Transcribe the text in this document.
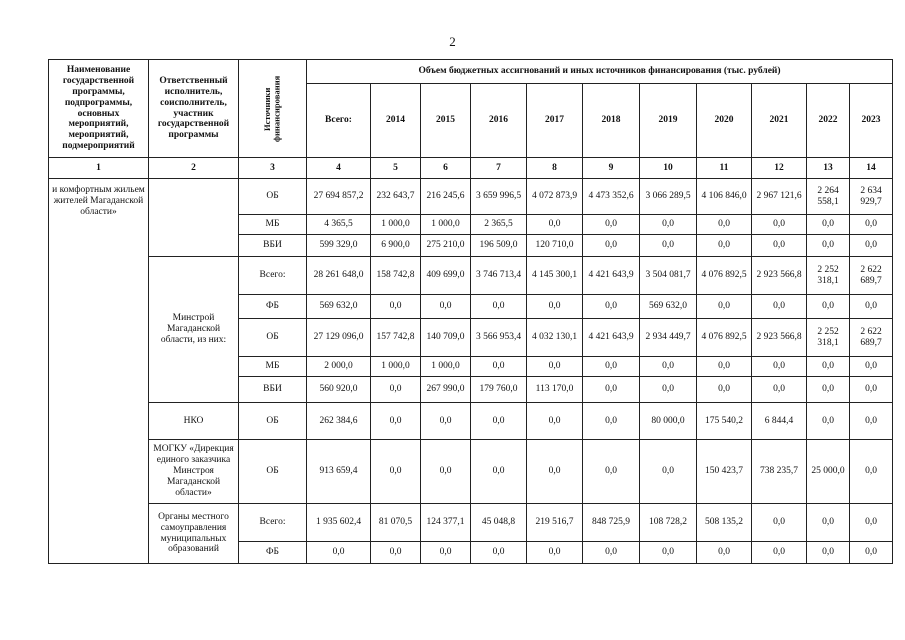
2
Наименование государственной программы, подпрограммы, основных мероприятий, мероприятий, подмероприятий	Ответственный исполнитель, соисполнитель, участник государственной программы	Источники финансирования	Объем бюджетных ассигнований и иных источников финансирования (тыс. рублей)										
			Всего:	2014	2015	2016	2017	2018	2019	2020	2021	2022	2023
1	2	3	4	5	6	7	8	9	10	11	12	13	14
и комфортным жильем жителей Магаданской области»		ОБ	27 694 857,2	232 643,7	216 245,6	3 659 996,5	4 072 873,9	4 473 352,6	3 066 289,5	4 106 846,0	2 967 121,6	2 264 558,1	2 634 929,7
		МБ	4 365,5	1 000,0	1 000,0	2 365,5	0,0	0,0	0,0	0,0	0,0	0,0	0,0
		ВБИ	599 329,0	6 900,0	275 210,0	196 509,0	120 710,0	0,0	0,0	0,0	0,0	0,0	0,0
	Минстрой Магаданской области, из них:	Всего:	28 261 648,0	158 742,8	409 699,0	3 746 713,4	4 145 300,1	4 421 643,9	3 504 081,7	4 076 892,5	2 923 566,8	2 252 318,1	2 622 689,7
		ФБ	569 632,0	0,0	0,0	0,0	0,0	0,0	569 632,0	0,0	0,0	0,0	0,0
		ОБ	27 129 096,0	157 742,8	140 709,0	3 566 953,4	4 032 130,1	4 421 643,9	2 934 449,7	4 076 892,5	2 923 566,8	2 252 318,1	2 622 689,7
		МБ	2 000,0	1 000,0	1 000,0	0,0	0,0	0,0	0,0	0,0	0,0	0,0	0,0
		ВБИ	560 920,0	0,0	267 990,0	179 760,0	113 170,0	0,0	0,0	0,0	0,0	0,0	0,0
	НКО	ОБ	262 384,6	0,0	0,0	0,0	0,0	0,0	80 000,0	175 540,2	6 844,4	0,0	0,0
	МОГКУ «Дирекция единого заказчика Минстроя Магаданской области»	ОБ	913 659,4	0,0	0,0	0,0	0,0	0,0	0,0	150 423,7	738 235,7	25 000,0	0,0
	Органы местного самоуправления муниципальных образований	Всего:	1 935 602,4	81 070,5	124 377,1	45 048,8	219 516,7	848 725,9	108 728,2	508 135,2	0,0	0,0	0,0
		ФБ	0,0	0,0	0,0	0,0	0,0	0,0	0,0	0,0	0,0	0,0	0,0
